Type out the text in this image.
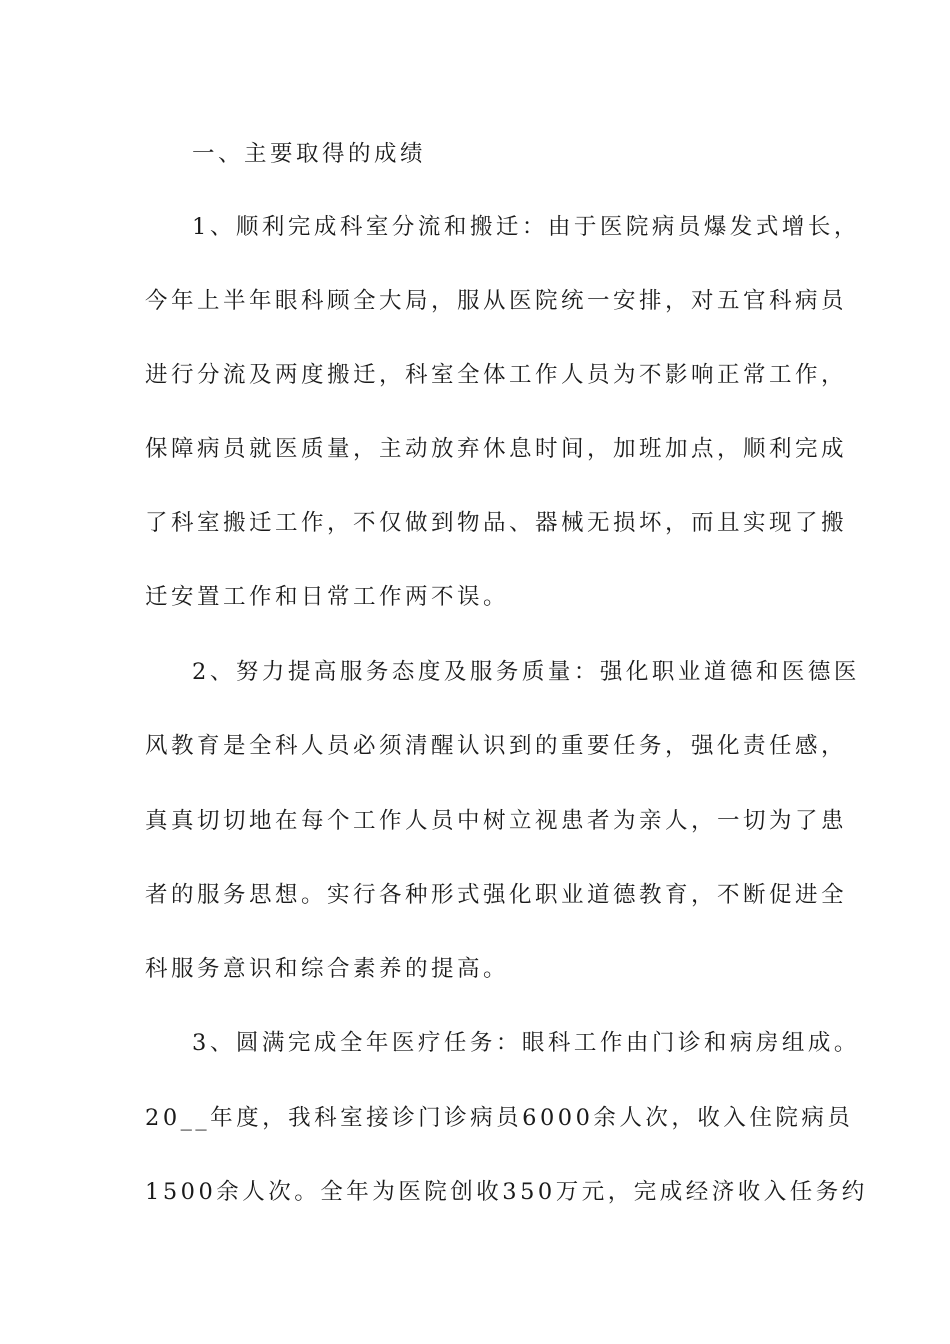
一、主要取得的成绩

1、顺利完成科室分流和搬迁：由于医院病员爆发式增长，

今年上半年眼科顾全大局，服从医院统一安排，对五官科病员

进行分流及两度搬迁，科室全体工作人员为不影响正常工作，

保障病员就医质量，主动放弃休息时间，加班加点，顺利完成

了科室搬迁工作，不仅做到物品、器械无损坏，而且实现了搬

迁安置工作和日常工作两不误。

2、努力提高服务态度及服务质量：强化职业道德和医德医

风教育是全科人员必须清醒认识到的重要任务，强化责任感，

真真切切地在每个工作人员中树立视患者为亲人，一切为了患

者的服务思想。实行各种形式强化职业道德教育，不断促进全

科服务意识和综合素养的提高。

3、圆满完成全年医疗任务：眼科工作由门诊和病房组成。

20__年度，我科室接诊门诊病员6000余人次，收入住院病员

1500余人次。全年为医院创收350万元，完成经济收入任务约
